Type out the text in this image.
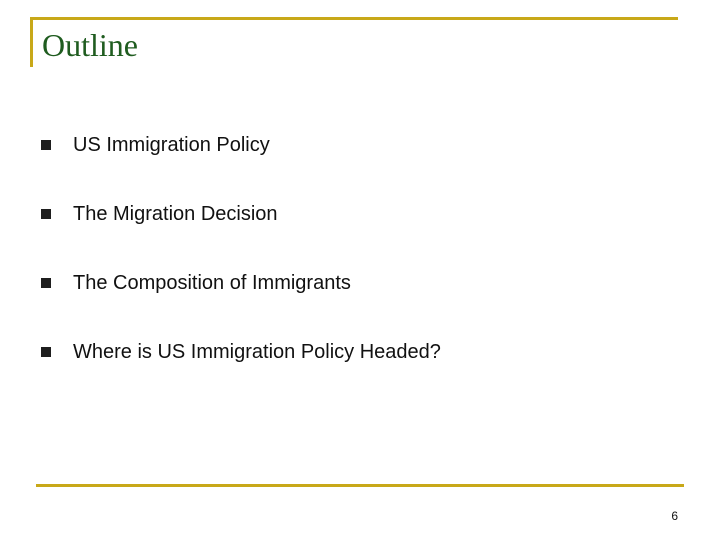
Outline
US Immigration Policy
The Migration Decision
The Composition of Immigrants
Where is US Immigration Policy Headed?
6
